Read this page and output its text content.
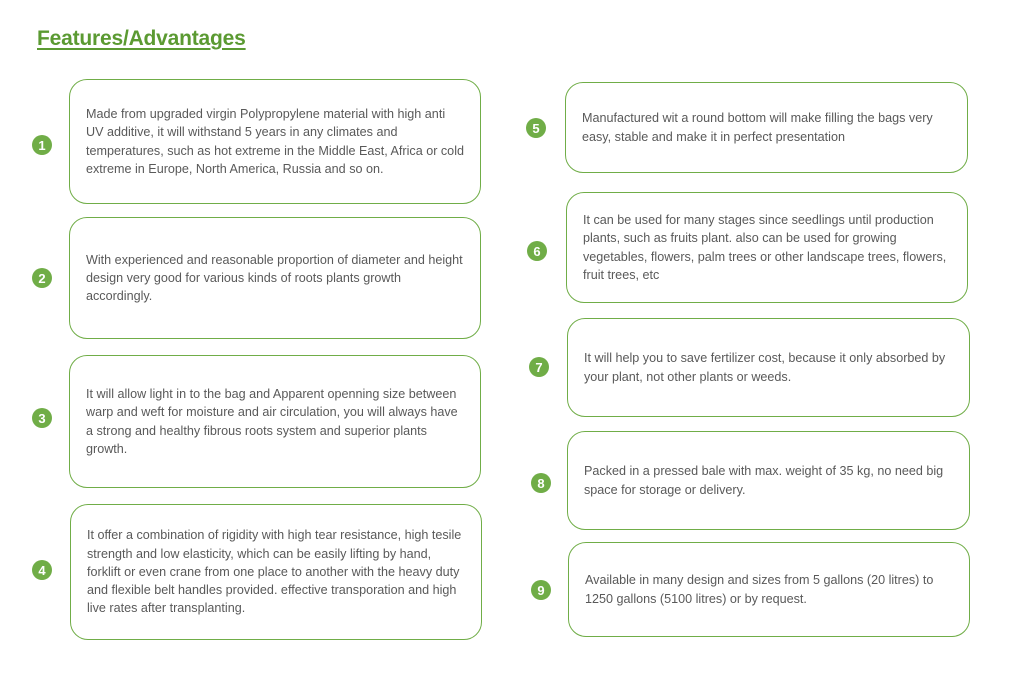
Features/Advantages
1
Made from upgraded virgin Polypropylene material with high anti UV additive, it will withstand 5 years in any climates and temperatures, such as hot extreme in the Middle East, Africa or cold extreme in Europe, North America, Russia and so on.
2
With experienced and reasonable proportion of diameter and height design very good for various kinds of roots plants growth accordingly.
3
It will allow light in to the bag and Apparent openning size between warp and weft for moisture and air circulation, you will always have a strong and healthy fibrous roots system and superior plants growth.
4
It offer a combination of rigidity with high tear resistance, high tesile strength and low elasticity, which can be easily lifting by hand, forklift or even crane from one place to another with the heavy duty and flexible belt handles provided. effective transporation and high live rates after transplanting.
5
Manufactured wit a round bottom will make filling the bags very easy, stable and make it in perfect presentation
6
It can be used for many stages since seedlings until production plants, such as fruits plant. also can be used for growing vegetables, flowers, palm trees or other landscape trees, flowers, fruit trees, etc
7
It will help you to save fertilizer cost, because it only absorbed by your plant, not other plants or weeds.
8
Packed in a pressed bale with max. weight of 35 kg, no need big space for storage or delivery.
9
Available in many design and sizes from 5 gallons (20 litres) to 1250 gallons (5100 litres) or by request.
